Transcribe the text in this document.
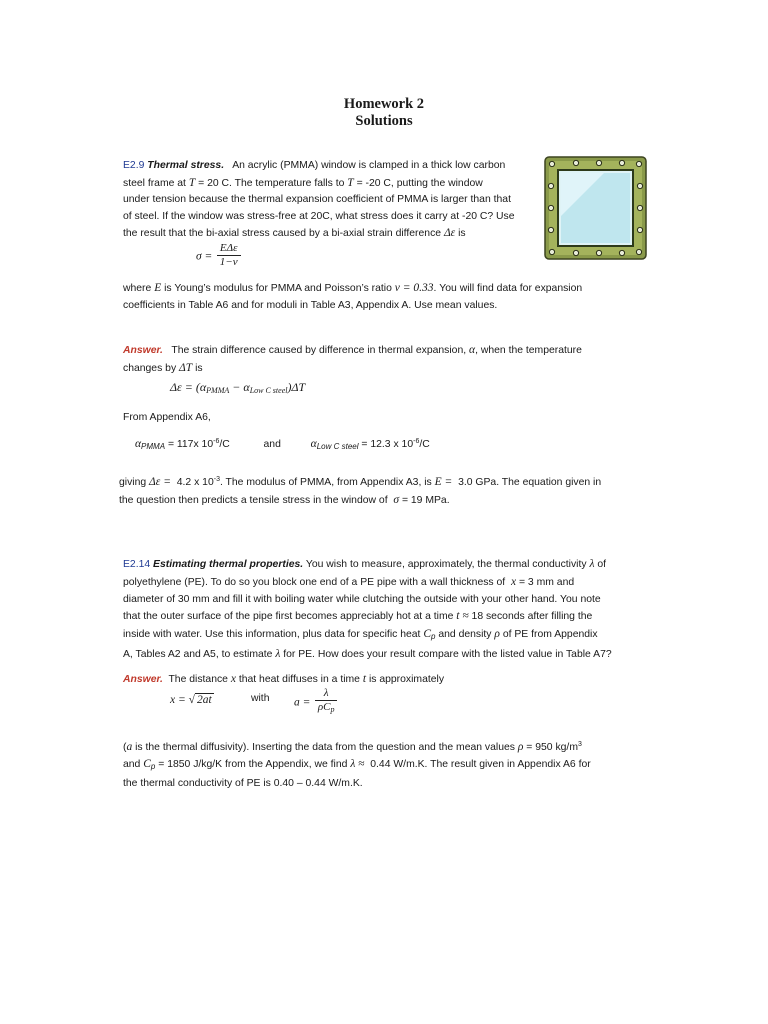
Homework 2
Solutions
E2.9 Thermal stress. An acrylic (PMMA) window is clamped in a thick low carbon
steel frame at T = 20 C. The temperature falls to T = -20 C, putting the window
under tension because the thermal expansion coefficient of PMMA is larger than that
of steel. If the window was stress-free at 20C, what stress does it carry at -20 C? Use
the result that the bi-axial stress caused by a bi-axial strain difference Δε is
$\sigma = \frac{\text{EΔε}}{1-\nu}$
where E is Young’s modulus for PMMA and Poisson’s ratio ν = 0.33. You will find data for expansion
coefficients in Table A6 and for moduli in Table A3, Appendix A. Use mean values.
Answer. The strain difference caused by difference in thermal expansion, α, when the temperature
changes by ΔT is
$\Delta\varepsilon = (\alpha_{PMMA} - \alpha_{Low C steel})\Delta T$
From Appendix A6,
$\alpha_{PMMA} = 117x$ $10^{-6}/C$	and	$\alpha_{Low C steel} = 12.3$ x $10^{-6}/C$
giving Δε = 4.2 x $10^{-3}$. The modulus of PMMA, from Appendix A3, is E = 3.0 GPa. The equation given in
the question then predicts a tensile stress in the window of σ = 19 MPa.
E2.14 Estimating thermal properties. You wish to measure, approximately, the thermal conductivity λ of
polyethylene (PE). To do so you block one end of a PE pipe with a wall thickness of x = 3 mm and
diameter of 30 mm and fill it with boiling water while clutching the outside with your other hand. You note
that the outer surface of the pipe first becomes appreciably hot at a time t ≈ 18 seconds after filling the
inside with water. Use this information, plus data for specific heat $C_p$ and density ρ of PE from Appendix
A, Tables A2 and A5, to estimate λ for PE. How does your result compare with the listed value in Table A7?
Answer. The distance x that heat diffuses in a time t is approximately
x = √ 2at	with $a = \frac{\lambda}{\rho C_p}$
(a is the thermal diffusivity). Inserting the data from the question and the mean values ρ = 950 $kg/m^3$
and $C_p = 1850$ J/kg/K from the Appendix, we find λ ≈ 0.44 W/m.K. The result given in Appendix A6 for
the thermal conductivity of PE is 0.40 – 0.44 W/m.K.
